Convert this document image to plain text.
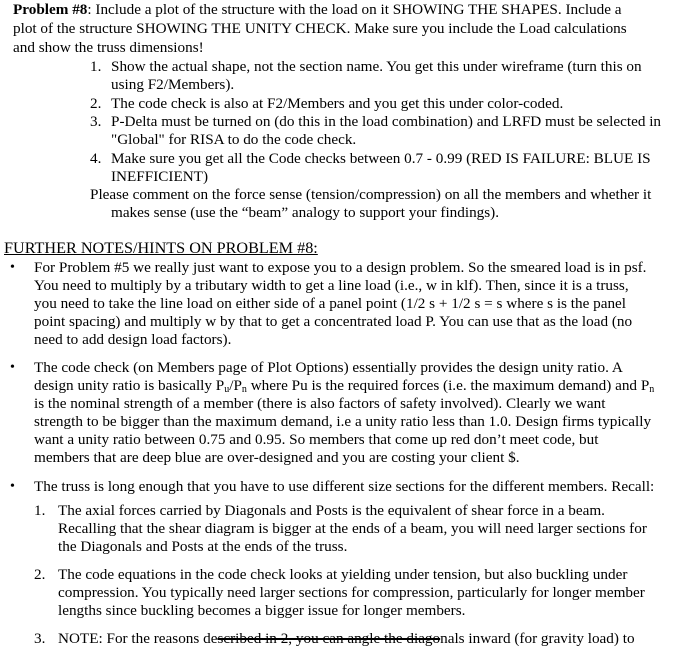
Problem #8: Include a plot of the structure with the load on it SHOWING THE SHAPES. Include a
plot of the structure SHOWING THE UNITY CHECK. Make sure you include the Load calculations
and show the truss dimensions!
1. Show the actual shape, not the section name. You get this under wireframe (turn this on
using F2/Members).
2. The code check is also at F2/Members and you get this under color-coded.
3. P-Delta must be turned on (do this in the load combination) and LRFD must be selected in
"Global" for RISA to do the code check.
4. Make sure you get all the Code checks between 0.7 - 0.99 (RED IS FAILURE: BLUE IS
INEFFICIENT)
Please comment on the force sense (tension/compression) on all the members and whether it
makes sense (use the “beam” analogy to support your findings).
FURTHER NOTES/HINTS ON PROBLEM #8:
• For Problem #5 we really just want to expose you to a design problem. So the smeared load is in psf.
You need to multiply by a tributary width to get a line load (i.e., w in klf). Then, since it is a truss,
you need to take the line load on either side of a panel point (1/2 s + 1/2 s = s where s is the panel
point spacing) and multiply w by that to get a concentrated load P. You can use that as the load (no
need to add design load factors).
• The code check (on Members page of Plot Options) essentially provides the design unity ratio. A
design unity ratio is basically $P_u/P_n$ where Pu is the required forces (i.e. the maximum demand) and $P_n$
is the nominal strength of a member (there is also factors of safety involved). Clearly we want
strength to be bigger than the maximum demand, i.e a unity ratio less than 1.0. Design firms typically
want a unity ratio between 0.75 and 0.95. So members that come up red don’t meet code, but
members that are deep blue are over-designed and you are costing your client $.
• The truss is long enough that you have to use different size sections for the different members. Recall:
1. The axial forces carried by Diagonals and Posts is the equivalent of shear force in a beam.
Recalling that the shear diagram is bigger at the ends of a beam, you will need larger sections for
the Diagonals and Posts at the ends of the truss.
2. The code equations in the code check looks at yielding under tension, but also buckling under
compression. You typically need larger sections for compression, particularly for longer member
lengths since buckling becomes a bigger issue for longer members.
3. NOTE: For the reasons described in 2, you can angle the diagonals inward (for gravity load) to
